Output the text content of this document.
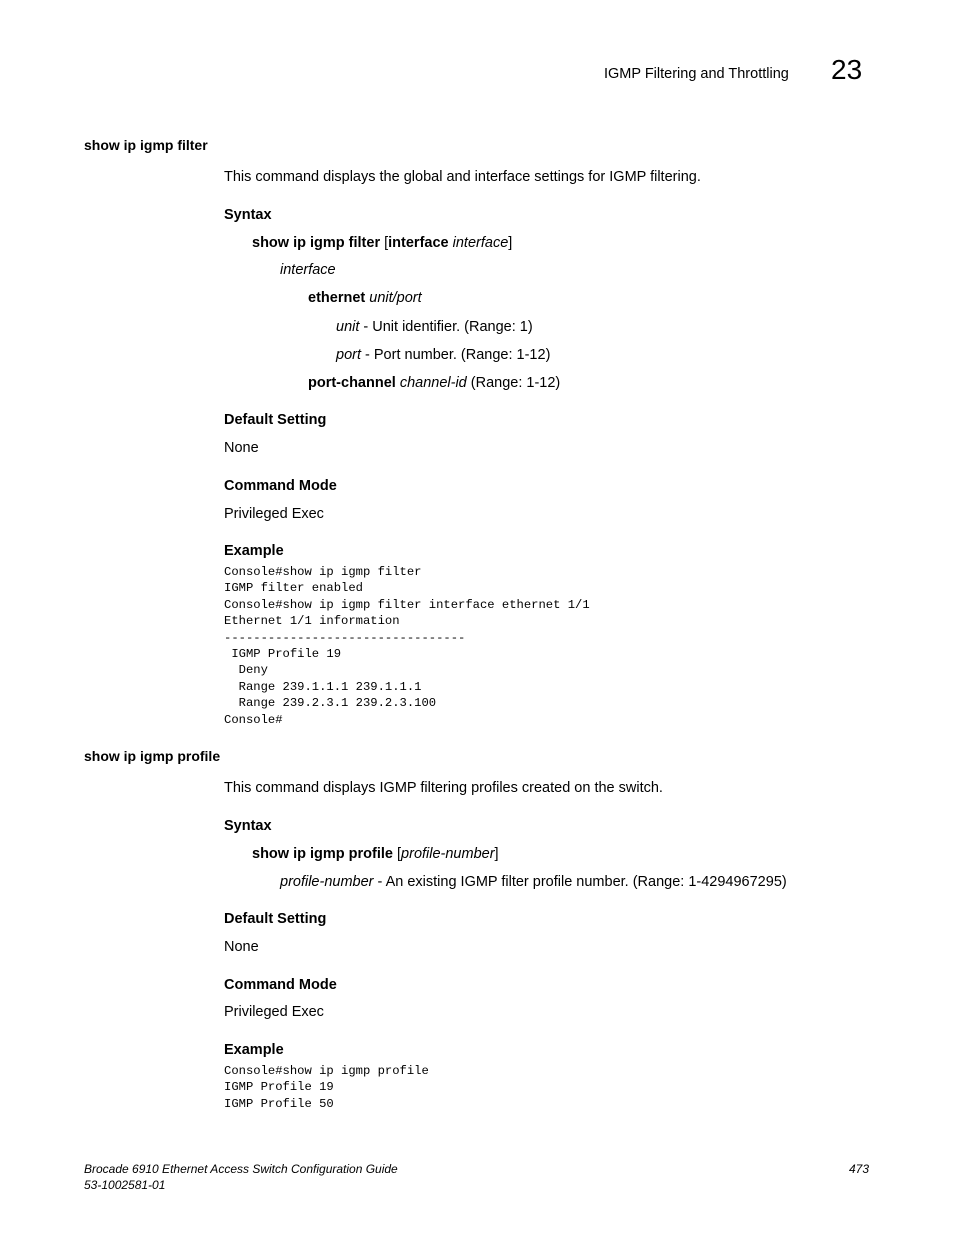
IGMP Filtering and Throttling 23
show ip igmp filter
This command displays the global and interface settings for IGMP filtering.
Syntax
show ip igmp filter [interface interface]
interface
ethernet unit/port
unit - Unit identifier. (Range: 1)
port - Port number. (Range: 1-12)
port-channel channel-id (Range: 1-12)
Default Setting
None
Command Mode
Privileged Exec
Example
Console#show ip igmp filter
IGMP filter enabled
Console#show ip igmp filter interface ethernet 1/1
Ethernet 1/1 information
---------------------------------
IGMP Profile 19
Deny
Range 239.1.1.1 239.1.1.1
Range 239.2.3.1 239.2.3.100
Console#
show ip igmp profile
This command displays IGMP filtering profiles created on the switch.
Syntax
show ip igmp profile [profile-number]
profile-number - An existing IGMP filter profile number. (Range: 1-4294967295)
Default Setting
None
Command Mode
Privileged Exec
Example
Console#show ip igmp profile
IGMP Profile 19
IGMP Profile 50
Brocade 6910 Ethernet Access Switch Configuration Guide
53-1002581-01
473
